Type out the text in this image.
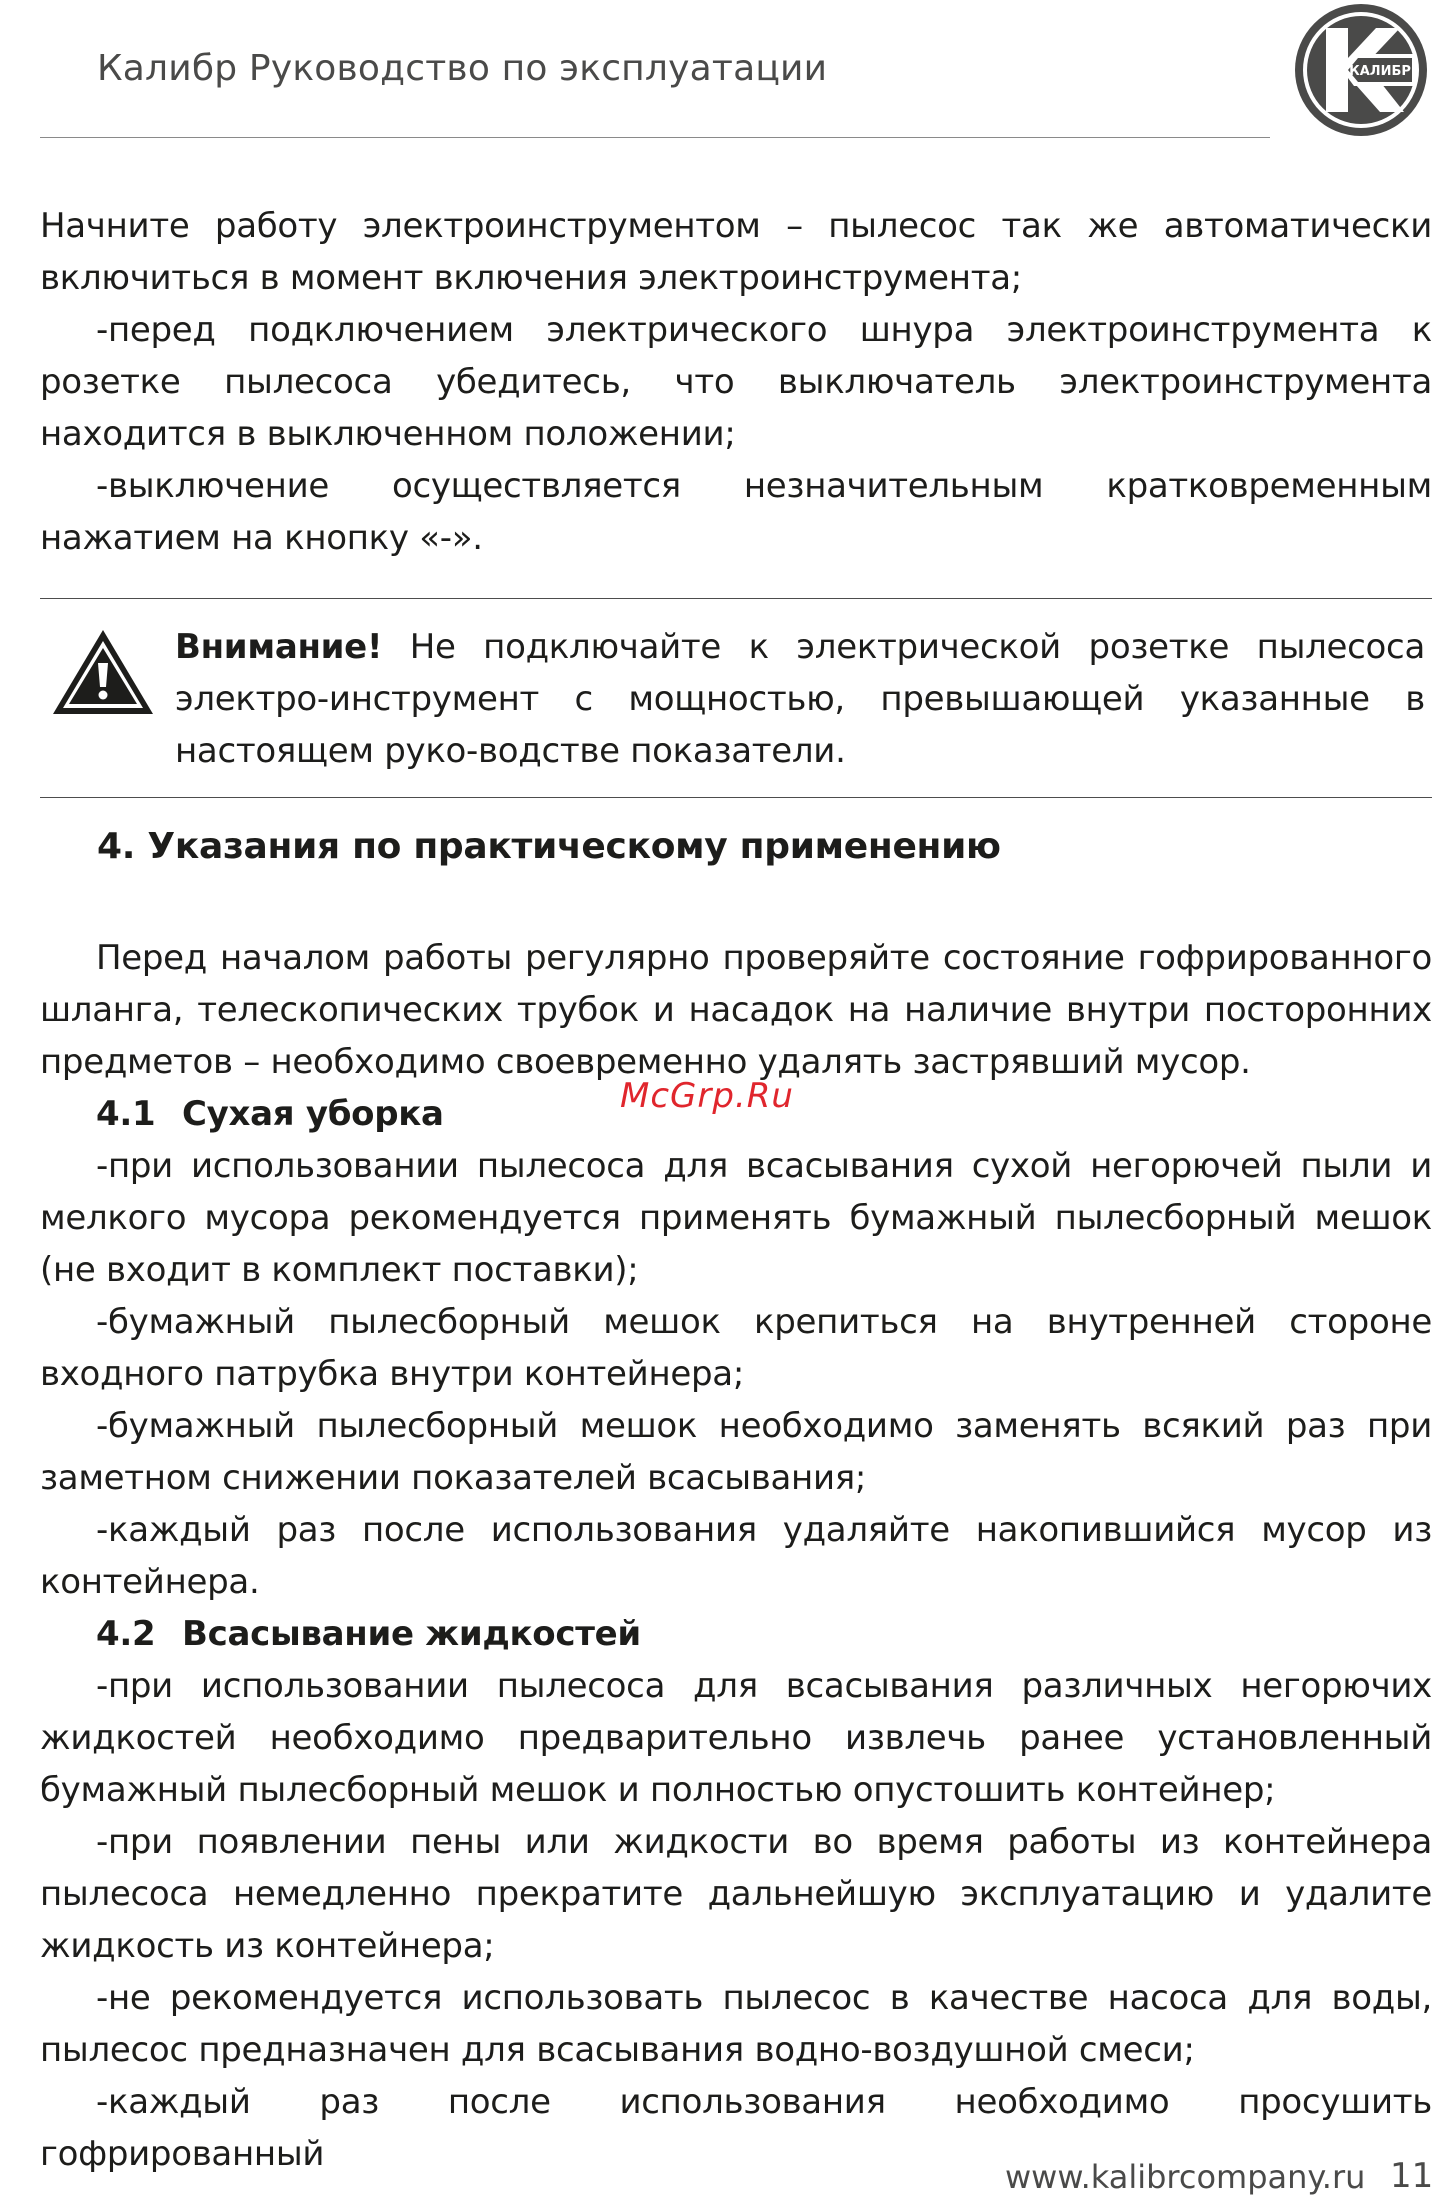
Калибр Руководство по эксплуатации	КАЛИБР

Начните работу электроинструментом – пылесос так же автоматически включиться в момент включения электроинструмента;

-перед подключением электрического шнура электроинструмента к розетке пылесоса убедитесь, что выключатель электроинструмента находится в выключенном положении;

-выключение осуществляется незначительным кратковременным нажатием на кнопку «-».

Внимание! Не подключайте к электрической розетке пылесоса электро-инструмент с мощностью, превышающей указанные в настоящем руко-водстве показатели.
4. Указания по практическому применению

Перед началом работы регулярно проверяйте состояние гофрированного шланга, телескопических трубок и насадок на наличие внутри посторонних предметов – необходимо своевременно удалять застрявший мусор.

4.1 Сухая уборка

-при использовании пылесоса для всасывания сухой негорючей пыли и мелкого мусора рекомендуется применять бумажный пылесборный мешок (не входит в комплект поставки);

-бумажный пылесборный мешок крепиться на внутренней стороне входного патрубка внутри контейнера;

-бумажный пылесборный мешок необходимо заменять всякий раз при заметном снижении показателей всасывания;

-каждый раз после использования удаляйте накопившийся мусор из контейнера.

4.2 Всасывание жидкостей

-при использовании пылесоса для всасывания различных негорючих жидкостей необходимо предварительно извлечь ранее установленный бумажный пылесборный мешок и полностью опустошить контейнер;

-при появлении пены или жидкости во время работы из контейнера пылесоса немедленно прекратите дальнейшую эксплуатацию и удалите жидкость из контейнера;

-не рекомендуется использовать пылесос в качестве насоса для воды, пылесос предназначен для всасывания водно-воздушной смеси;

-каждый раз после использования необходимо просушить гофрированный

McGrp.Ru
www.kalibrcompany.ru 11
